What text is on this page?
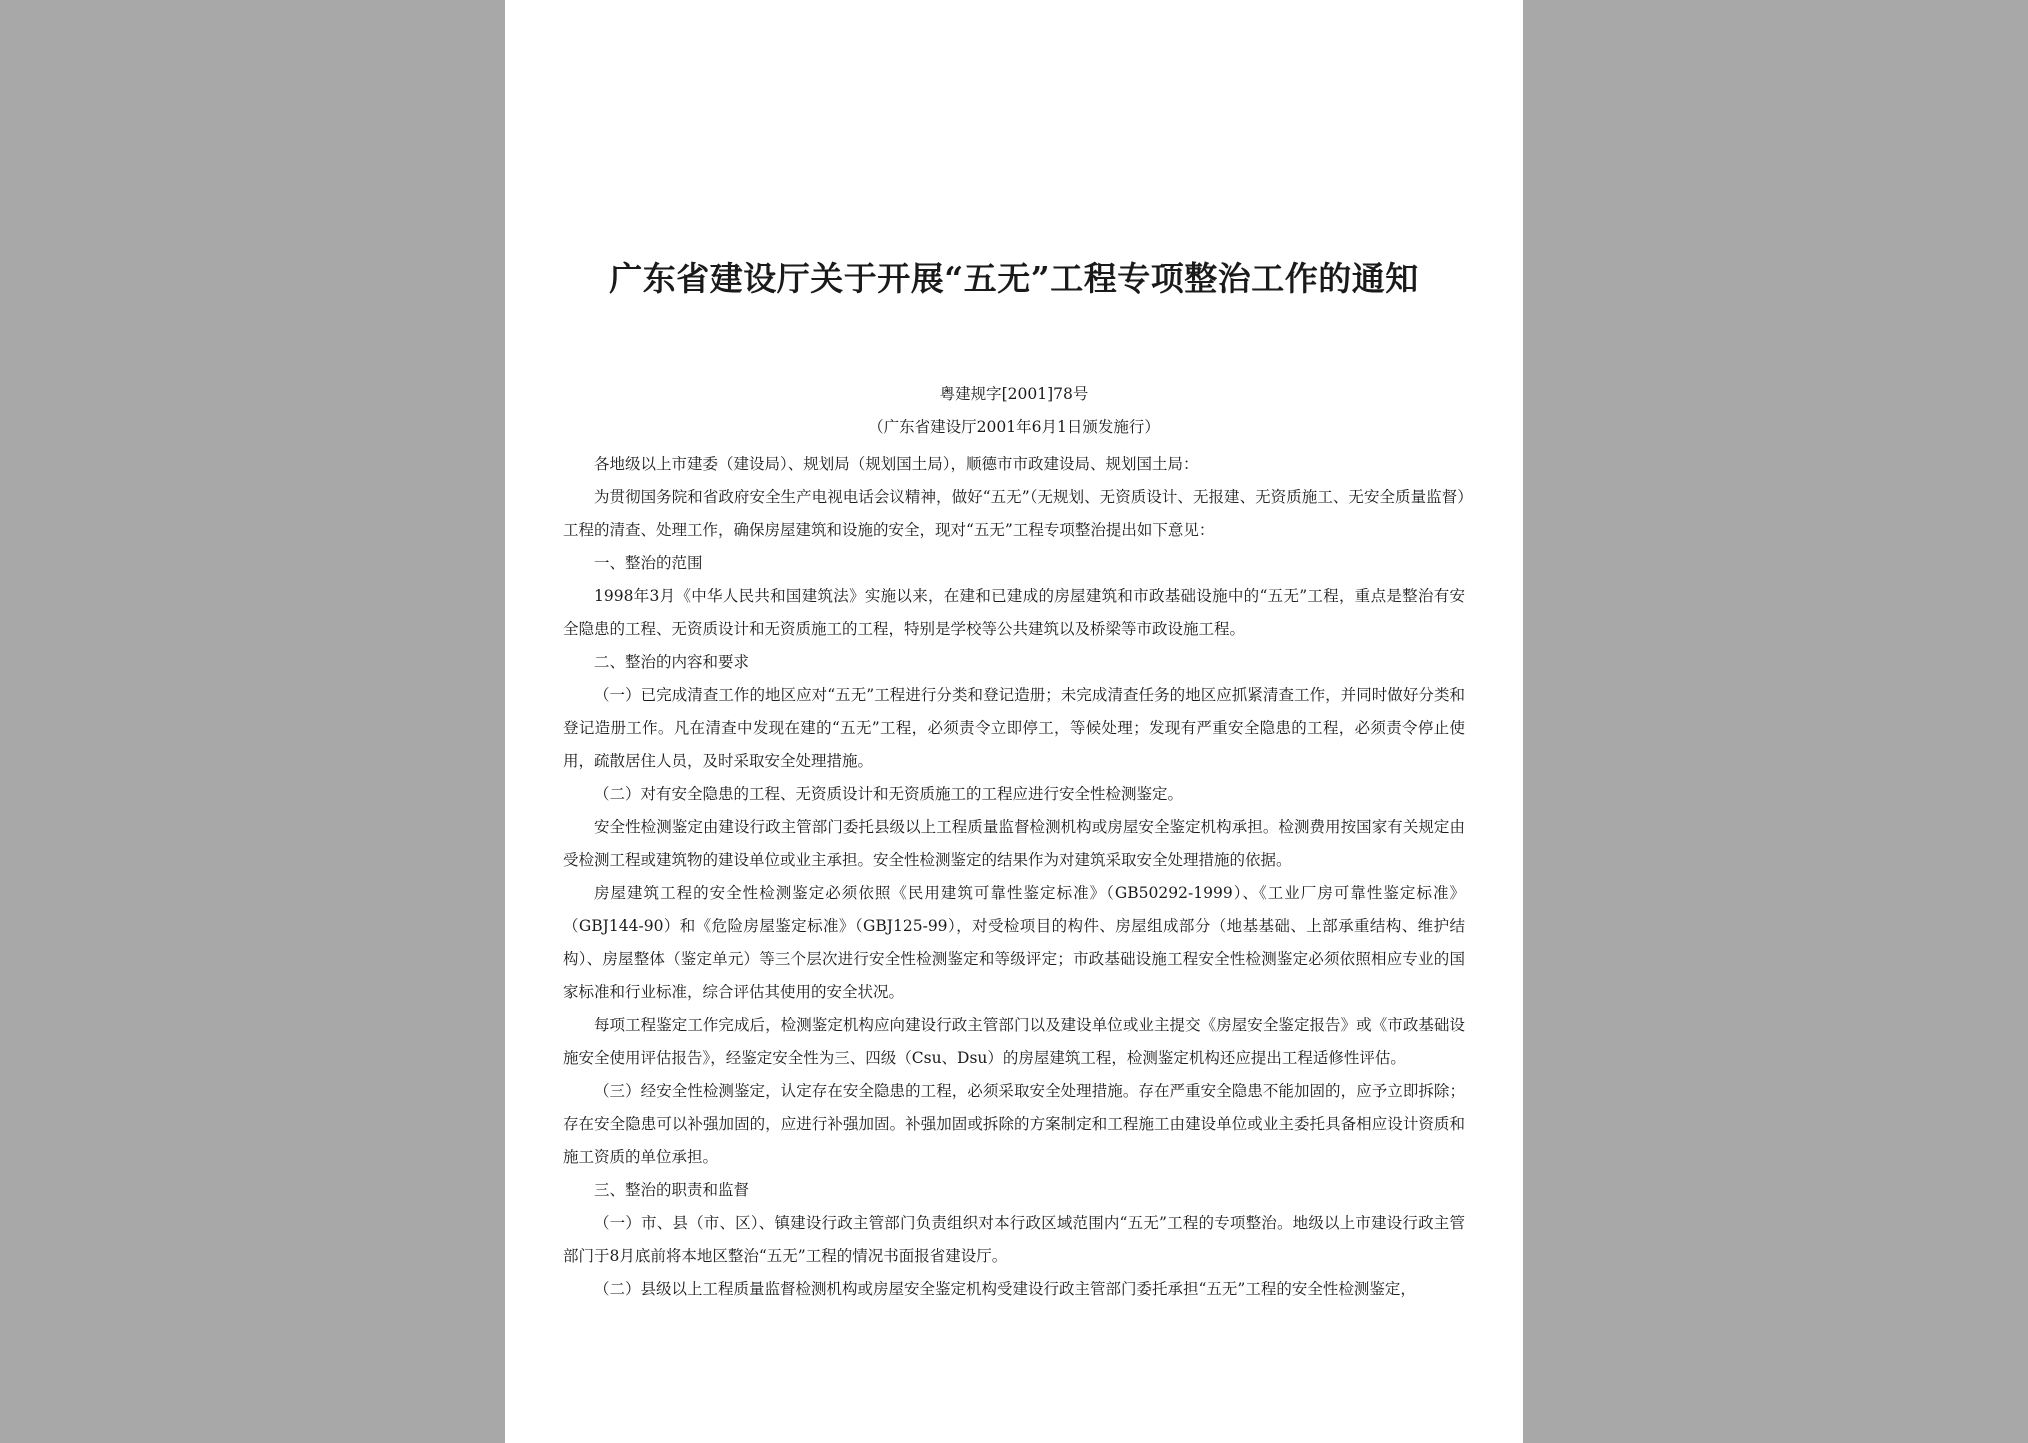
广东省建设厅关于开展“五无”工程专项整治工作的通知

粤建规字[2001]78号

（广东省建设厅2001年6月1日颁发施行）

各地级以上市建委（建设局）、规划局（规划国土局），顺德市市政建设局、规划国土局：

为贯彻国务院和省政府安全生产电视电话会议精神，做好“五无”（无规划、无资质设计、无报建、无资质施工、无安全质量监督）工程的清查、处理工作，确保房屋建筑和设施的安全，现对“五无”工程专项整治提出如下意见：

一、整治的范围

1998年3月《中华人民共和国建筑法》实施以来，在建和已建成的房屋建筑和市政基础设施中的“五无”工程，重点是整治有安全隐患的工程、无资质设计和无资质施工的工程，特别是学校等公共建筑以及桥梁等市政设施工程。

二、整治的内容和要求

（一）已完成清查工作的地区应对“五无”工程进行分类和登记造册；未完成清查任务的地区应抓紧清查工作，并同时做好分类和登记造册工作。凡在清查中发现在建的“五无”工程，必须责令立即停工，等候处理；发现有严重安全隐患的工程，必须责令停止使用，疏散居住人员，及时采取安全处理措施。

（二）对有安全隐患的工程、无资质设计和无资质施工的工程应进行安全性检测鉴定。

安全性检测鉴定由建设行政主管部门委托县级以上工程质量监督检测机构或房屋安全鉴定机构承担。检测费用按国家有关规定由受检测工程或建筑物的建设单位或业主承担。安全性检测鉴定的结果作为对建筑采取安全处理措施的依据。

房屋建筑工程的安全性检测鉴定必须依照《民用建筑可靠性鉴定标准》（GB50292-1999）、《工业厂房可靠性鉴定标准》（GBJ144-90）和《危险房屋鉴定标准》（GBJ125-99），对受检项目的构件、房屋组成部分（地基基础、上部承重结构、维护结构）、房屋整体（鉴定单元）等三个层次进行安全性检测鉴定和等级评定；市政基础设施工程安全性检测鉴定必须依照相应专业的国家标准和行业标准，综合评估其使用的安全状况。

每项工程鉴定工作完成后，检测鉴定机构应向建设行政主管部门以及建设单位或业主提交《房屋安全鉴定报告》或《市政基础设施安全使用评估报告》，经鉴定安全性为三、四级（Csu、Dsu）的房屋建筑工程，检测鉴定机构还应提出工程适修性评估。

（三）经安全性检测鉴定，认定存在安全隐患的工程，必须采取安全处理措施。存在严重安全隐患不能加固的，应予立即拆除；存在安全隐患可以补强加固的，应进行补强加固。补强加固或拆除的方案制定和工程施工由建设单位或业主委托具备相应设计资质和施工资质的单位承担。

三、整治的职责和监督

（一）市、县（市、区）、镇建设行政主管部门负责组织对本行政区域范围内“五无”工程的专项整治。地级以上市建设行政主管部门于8月底前将本地区整治“五无”工程的情况书面报省建设厅。

（二）县级以上工程质量监督检测机构或房屋安全鉴定机构受建设行政主管部门委托承担“五无”工程的安全性检测鉴定，
